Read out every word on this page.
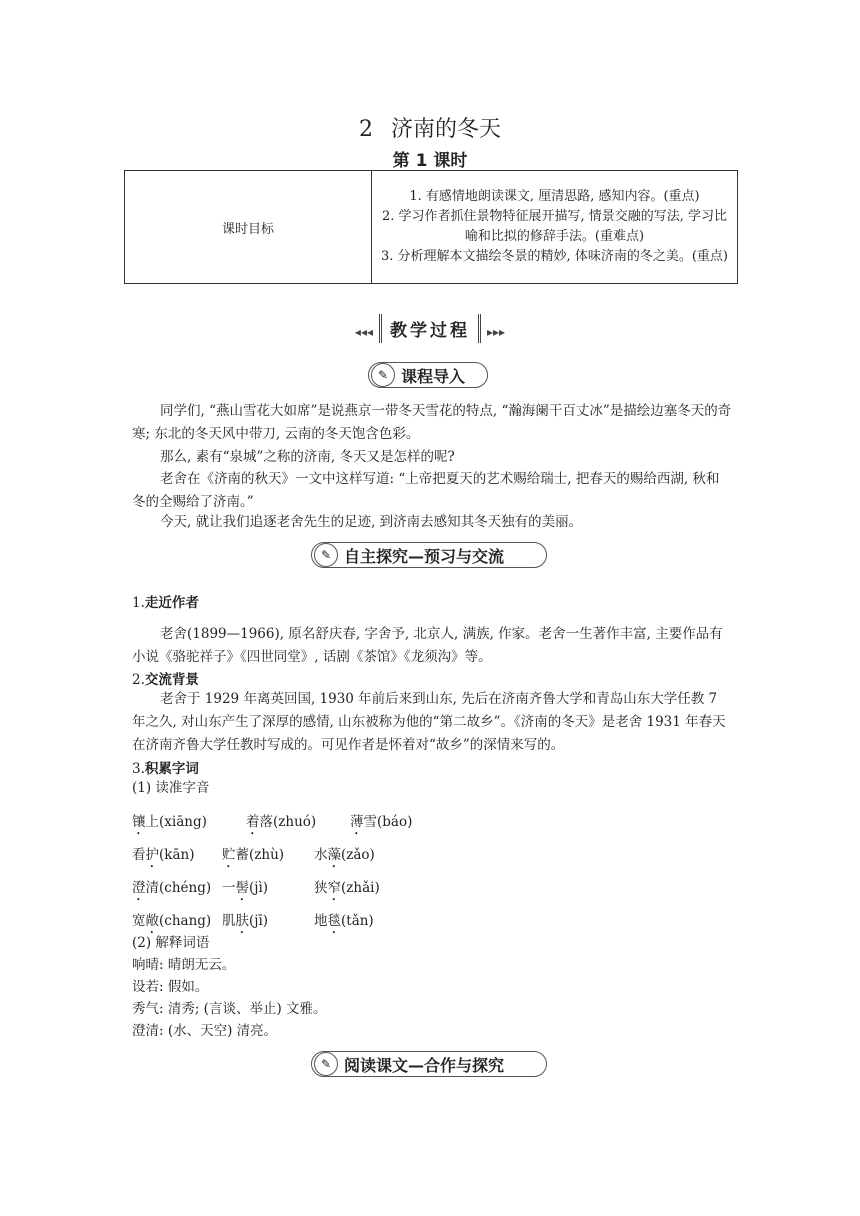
2 济南的冬天
第 1 课时
课时目标	
1. 有感情地朗读课文, 厘清思路, 感知内容。(重点)
2. 学习作者抓住景物特征展开描写, 情景交融的写法, 学习比喻和比拟的修辞手法。(重难点)
3. 分析理解本文描绘冬景的精妙, 体味济南的冬之美。(重点)
◂◂◂ 教学过程 ▸▸▸
✎ 课程导入
同学们, “燕山雪花大如席”是说燕京一带冬天雪花的特点, “瀚海阑干百丈冰”是描绘边塞冬天的奇寒; 东北的冬天风中带刀, 云南的冬天饱含色彩。
那么, 素有“泉城”之称的济南, 冬天又是怎样的呢?
老舍在《济南的秋天》一文中这样写道: “上帝把夏天的艺术赐给瑞士, 把春天的赐给西湖, 秋和冬的全赐给了济南。”
今天, 就让我们追逐老舍先生的足迹, 到济南去感知其冬天独有的美丽。
✎ 自主探究—预习与交流
1.走近作者
老舍(1899—1966), 原名舒庆春, 字舍予, 北京人, 满族, 作家。老舍一生著作丰富, 主要作品有小说《骆驼祥子》《四世同堂》, 话剧《茶馆》《龙须沟》等。
2.交流背景
老舍于 1929 年离英回国, 1930 年前后来到山东, 先后在济南齐鲁大学和青岛山东大学任教 7 年之久, 对山东产生了深厚的感情, 山东被称为他的“第二故乡”。《济南的冬天》是老舍 1931 年春天在济南齐鲁大学任教时写成的。可见作者是怀着对“故乡”的深情来写的。
3.积累字词
(1) 读准字音
镶上(xiāng)	着落(zhuó)	薄雪(báo)
看护(kān) 贮蓄(zhù) 水藻(zǎo)
澄清(chéng) 一髻(jì)	狭窄(zhǎi)
宽敞(chang) 肌肤(jī)	地毯(tǎn)
(2) 解释词语
响晴: 晴朗无云。
设若: 假如。
秀气: 清秀; (言谈、举止) 文雅。
澄清: (水、天空) 清亮。
✎ 阅读课文—合作与探究
